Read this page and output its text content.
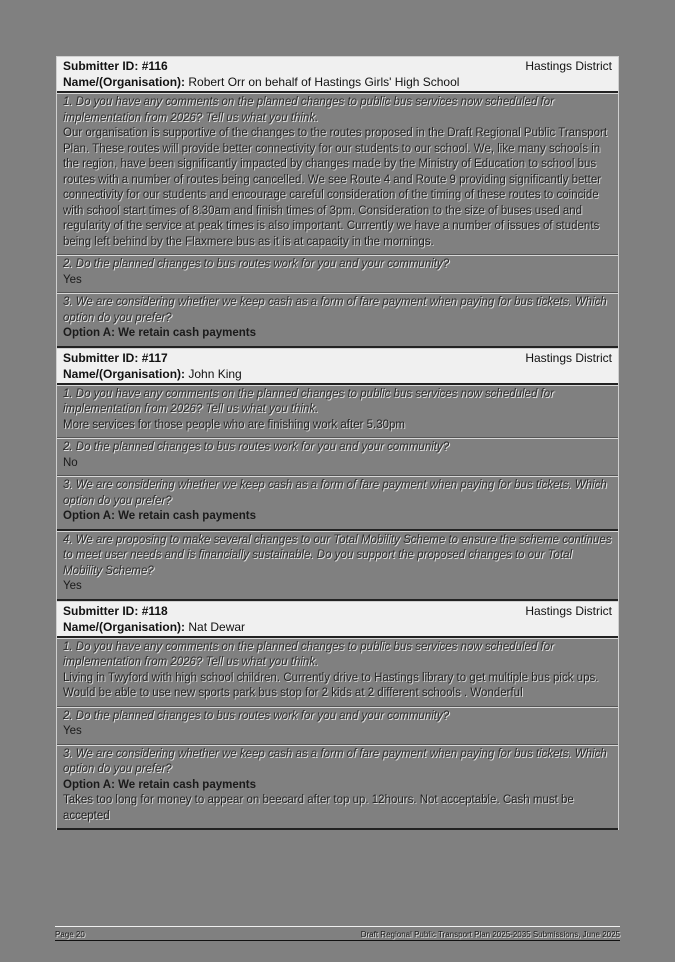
Submitter ID: #116	Hastings District
Name/(Organisation): Robert Orr on behalf of Hastings Girls' High School
1. Do you have any comments on the planned changes to public bus services now scheduled for implementation from 2026? Tell us what you think.
Our organisation is supportive of the changes to the routes proposed in the Draft Regional Public Transport Plan. These routes will provide better connectivity for our students to our school. We, like many schools in the region, have been significantly impacted by changes made by the Ministry of Education to school bus routes with a number of routes being cancelled. We see Route 4 and Route 9 providing significantly better connectivity for our students and encourage careful consideration of the timing of these routes to coincide with school start times of 8.30am and finish times of 3pm. Consideration to the size of buses used and regularity of the service at peak times is also important. Currently we have a number of issues of students being left behind by the Flaxmere bus as it is at capacity in the mornings.
2. Do the planned changes to bus routes work for you and your community?
Yes
3. We are considering whether we keep cash as a form of fare payment when paying for bus tickets. Which option do you prefer?
Option A: We retain cash payments
Submitter ID: #117	Hastings District
Name/(Organisation): John King
1. Do you have any comments on the planned changes to public bus services now scheduled for implementation from 2026? Tell us what you think.
More services for those people who are finishing work after 5.30pm
2. Do the planned changes to bus routes work for you and your community?
No
3. We are considering whether we keep cash as a form of fare payment when paying for bus tickets. Which option do you prefer?
Option A: We retain cash payments
4. We are proposing to make several changes to our Total Mobility Scheme to ensure the scheme continues to meet user needs and is financially sustainable. Do you support the proposed changes to our Total Mobility Scheme?
Yes
Submitter ID: #118	Hastings District
Name/(Organisation): Nat Dewar
1. Do you have any comments on the planned changes to public bus services now scheduled for implementation from 2026? Tell us what you think.
Living in Twyford with high school children. Currently drive to Hastings library to get multiple bus pick ups. Would be able to use new sports park bus stop for 2 kids at 2 different schools . Wonderful
2. Do the planned changes to bus routes work for you and your community?
Yes
3. We are considering whether we keep cash as a form of fare payment when paying for bus tickets. Which option do you prefer?
Option A: We retain cash payments
Takes too long for money to appear on beecard after top up. 12hours. Not acceptable. Cash must be accepted
Page 20	Draft Regional Public Transport Plan 2025-2035 Submissions, June 2025
